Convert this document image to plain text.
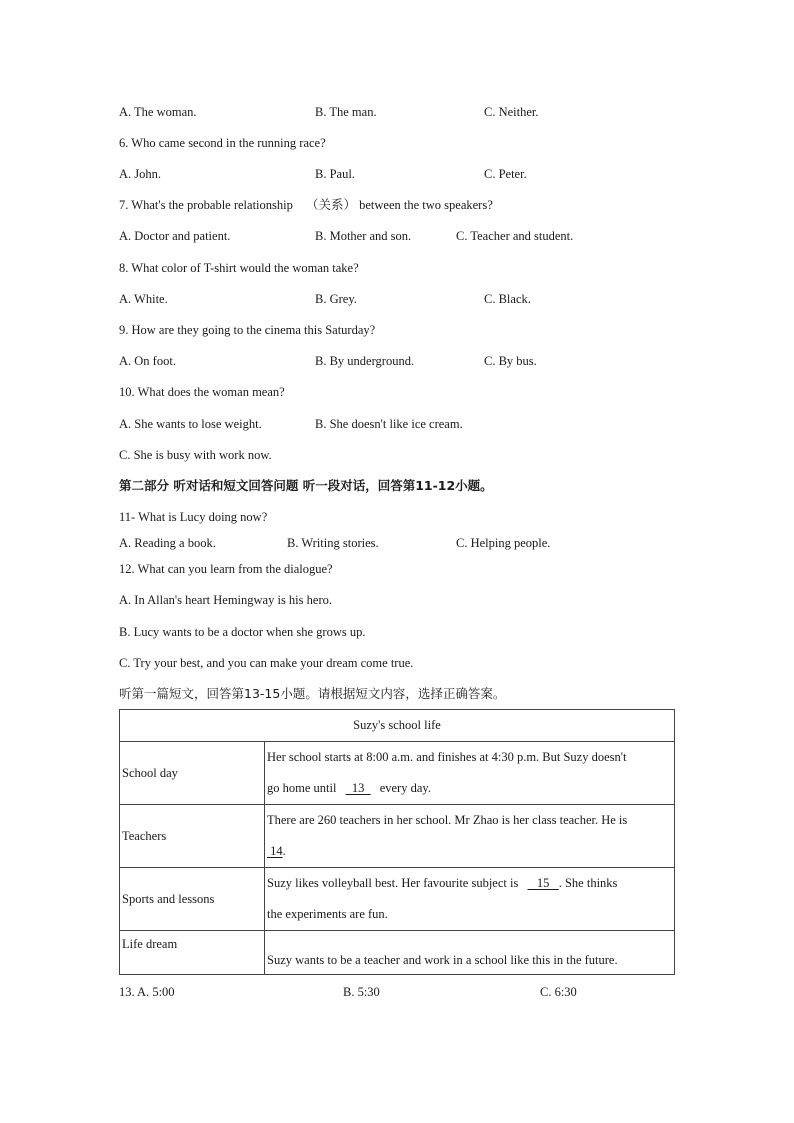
A. The woman.	B. The man.	C. Neither.
6. Who came second in the running race?
A. John.	B. Paul.	C. Peter.
7. What's the probable relationship （关系） between the two speakers?
A. Doctor and patient.	B. Mother and son.	C. Teacher and student.
8. What color of T-shirt would the woman take?
A. White.	B. Grey.	C. Black.
9. How are they going to the cinema this Saturday?
A. On foot.	B. By underground.	C. By bus.
10. What does the woman mean?
A. She wants to lose weight.	B. She doesn't like ice cream.
C. She is busy with work now.
第二部分 听对话和短文回答问题 听一段对话，回答第11-12小题。
11- What is Lucy doing now?
A. Reading a book.	B. Writing stories.	C. Helping people.
12. What can you learn from the dialogue?
A. In Allan's heart Hemingway is his hero.
B. Lucy wants to be a doctor when she grows up.
C. Try your best, and you can make your dream come true.
听第一篇短文，回答第13-15小题。请根据短文内容，选择正确答案。
Suzy's school life	
School day	Her school starts at 8:00 a.m. and finishes at 4:30 p.m. But Suzy doesn't
go home until 13 every day.

Teachers	There are 260 teachers in her school. Mr Zhao is her class teacher. He is
14.

Sports and lessons	Suzy likes volleyball best. Her favourite subject is 15 . She thinks
the experiments are fun.

Life dream	Suzy wants to be a teacher and work in a school like this in the future.
13. A. 5:00	B. 5:30	C. 6:30
